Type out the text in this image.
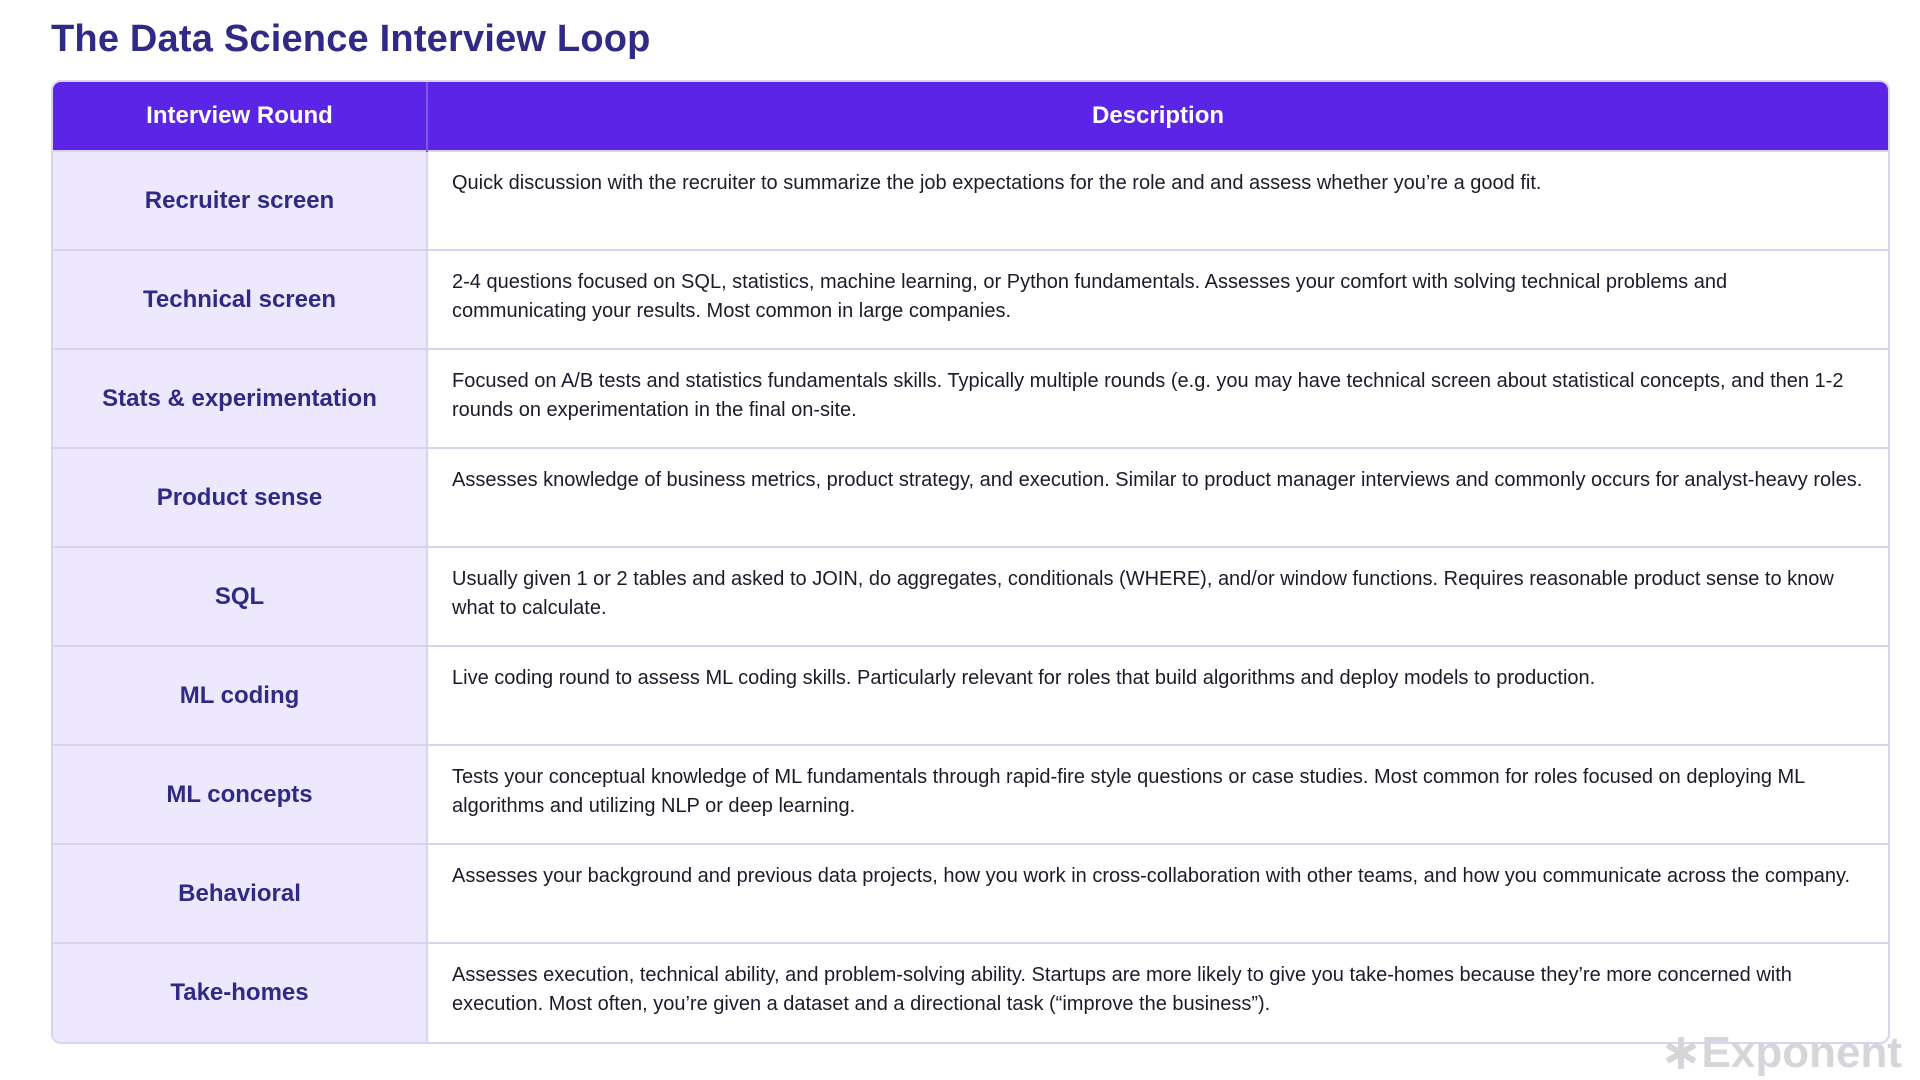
The Data Science Interview Loop
Interview Round	Description
Recruiter screen	Quick discussion with the recruiter to summarize the job expectations for the role and and assess whether you’re a good fit.
Technical screen	2-4 questions focused on SQL, statistics, machine learning, or Python fundamentals. Assesses your comfort with solving technical problems and communicating your results. Most common in large companies.
Stats & experimentation	Focused on A/B tests and statistics fundamentals skills. Typically multiple rounds (e.g. you may have technical screen about statistical concepts, and then 1-2 rounds on experimentation in the final on-site.
Product sense	Assesses knowledge of business metrics, product strategy, and execution. Similar to product manager interviews and commonly occurs for analyst-heavy roles.
SQL	Usually given 1 or 2 tables and asked to JOIN, do aggregates, conditionals (WHERE), and/or window functions. Requires reasonable product sense to know what to calculate.
ML coding	Live coding round to assess ML coding skills. Particularly relevant for roles that build algorithms and deploy models to production.
ML concepts	Tests your conceptual knowledge of ML fundamentals through rapid-fire style questions or case studies. Most common for roles focused on deploying ML algorithms and utilizing NLP or deep learning.
Behavioral	Assesses your background and previous data projects, how you work in cross-collaboration with other teams, and how you communicate across the company.
Take-homes	Assesses execution, technical ability, and problem-solving ability. Startups are more likely to give you take-homes because they’re more concerned with execution. Most often, you’re given a dataset and a directional task (“improve the business”).
Exponent
